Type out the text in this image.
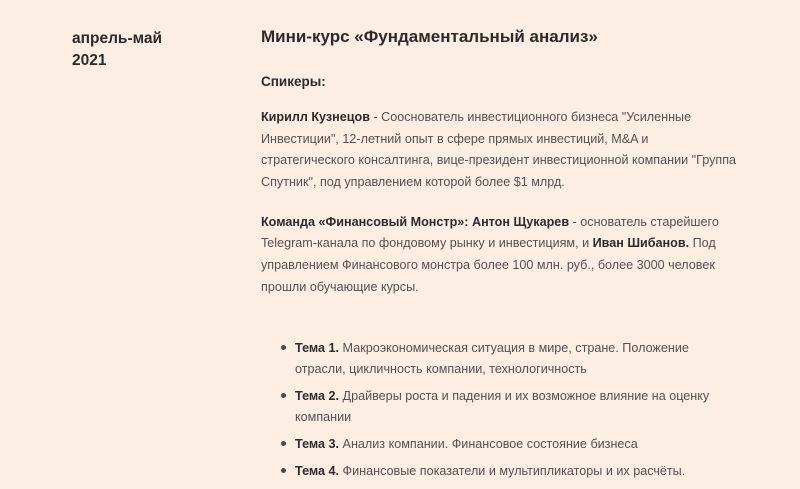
апрель-май
2021
Мини-курс «Фундаментальный анализ»
Спикеры:

Кирилл Кузнецов - Сооснователь инвестиционного бизнеса "Усиленные Инвестиции", 12-летний опыт в сфере прямых инвестиций, M&A и стратегического консалтинга, вице-президент инвестиционной компании "Группа Спутник", под управлением которой более $1 млрд.

Команда «Финансовый Монстр»: Антон Щукарев - основатель старейшего Telegram-канала по фондовому рынку и инвестициям, и Иван Шибанов. Под управлением Финансового монстра более 100 млн. руб., более 3000 человек прошли обучающие курсы.

Тема 1. Макроэкономическая ситуация в мире, стране. Положение отрасли, цикличность компании, технологичность
Тема 2. Драйверы роста и падения и их возможное влияние на оценку компании
Тема 3. Анализ компании. Финансовое состояние бизнеса
Тема 4. Финансовые показатели и мультипликаторы и их расчёты.
